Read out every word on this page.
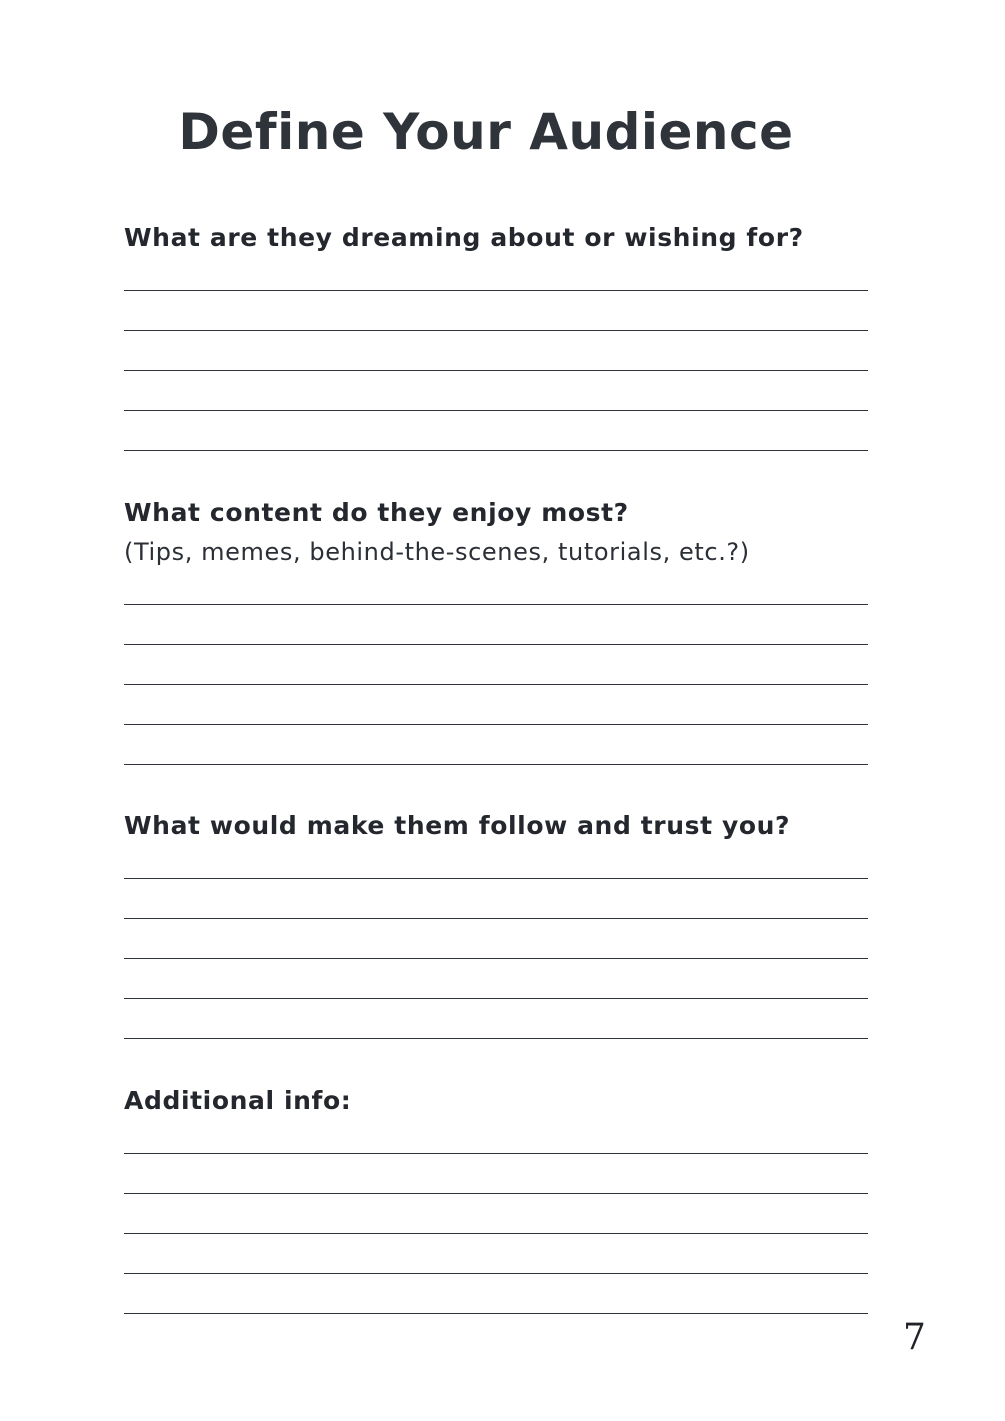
Define Your Audience

What are they dreaming about or wishing for?

What content do they enjoy most?

(Tips, memes, behind-the-scenes, tutorials, etc.?)

What would make them follow and trust you?

Additional info:

7
